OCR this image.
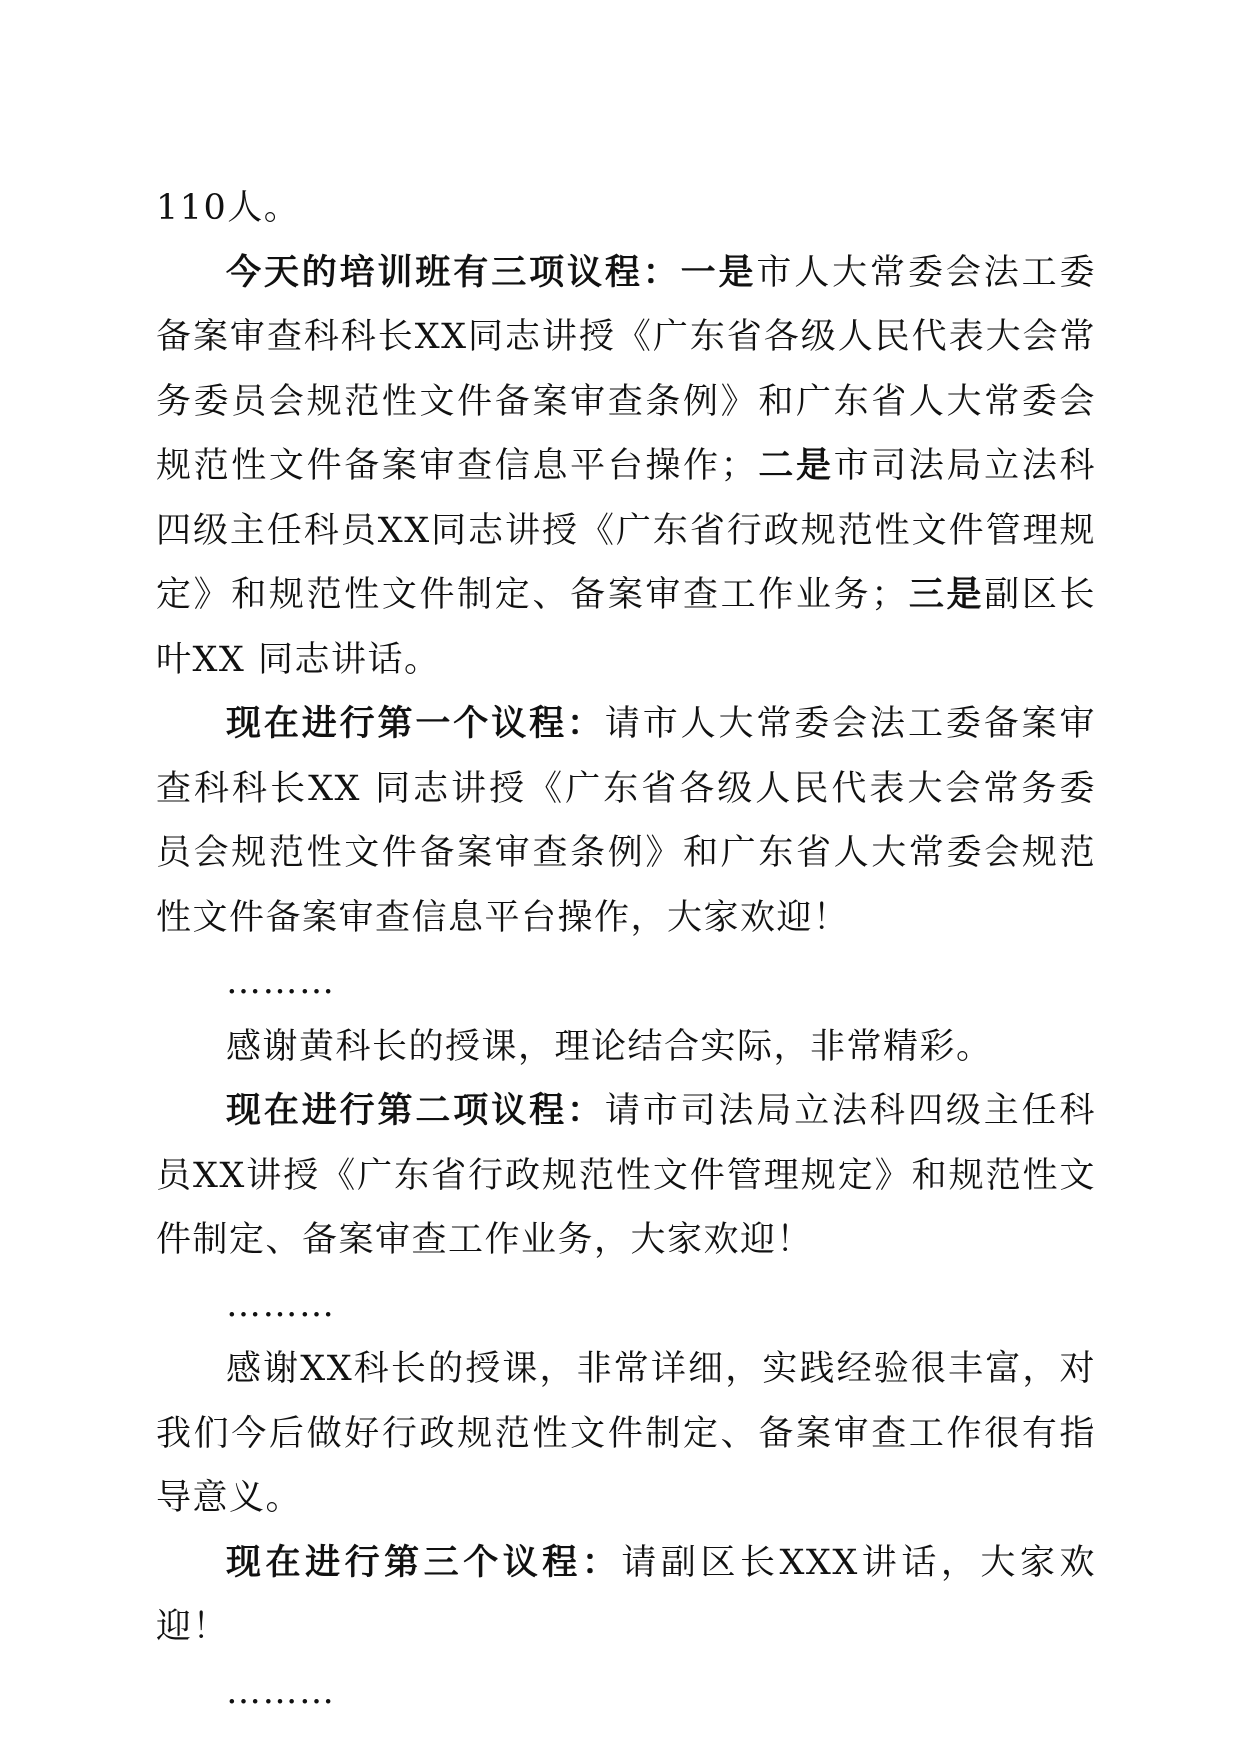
110人。

今天的培训班有三项议程：一是市人大常委会法工委备案审查科科长XX同志讲授《广东省各级人民代表大会常务委员会规范性文件备案审查条例》和广东省人大常委会规范性文件备案审查信息平台操作；二是市司法局立法科四级主任科员XX同志讲授《广东省行政规范性文件管理规定》和规范性文件制定、备案审查工作业务；三是副区长叶XX 同志讲话。

现在进行第一个议程：请市人大常委会法工委备案审查科科长XX 同志讲授《广东省各级人民代表大会常务委员会规范性文件备案审查条例》和广东省人大常委会规范性文件备案审查信息平台操作，大家欢迎！

………

感谢黄科长的授课，理论结合实际，非常精彩。

现在进行第二项议程：请市司法局立法科四级主任科员XX讲授《广东省行政规范性文件管理规定》和规范性文件制定、备案审查工作业务，大家欢迎！

………

感谢XX科长的授课，非常详细，实践经验很丰富，对我们今后做好行政规范性文件制定、备案审查工作很有指导意义。

现在进行第三个议程：请副区长XXX讲话，大家欢迎！

………
